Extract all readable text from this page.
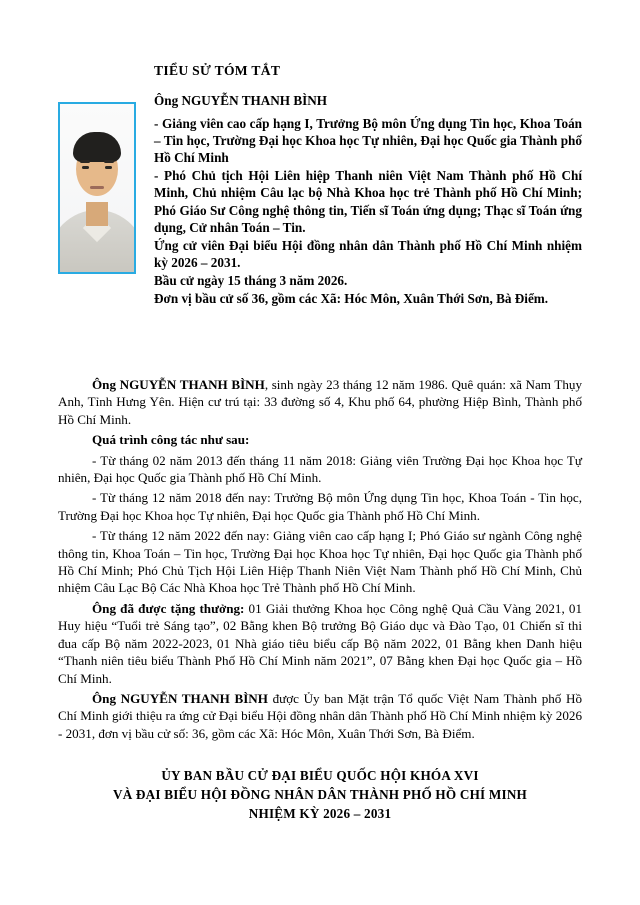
TIỂU SỬ TÓM TẮT
Ông NGUYỄN THANH BÌNH

- Giảng viên cao cấp hạng I, Trưởng Bộ môn Ứng dụng Tin học, Khoa Toán – Tin học, Trường Đại học Khoa học Tự nhiên, Đại học Quốc gia Thành phố Hồ Chí Minh

- Phó Chủ tịch Hội Liên hiệp Thanh niên Việt Nam Thành phố Hồ Chí Minh, Chủ nhiệm Câu lạc bộ Nhà Khoa học trẻ Thành phố Hồ Chí Minh; Phó Giáo Sư Công nghệ thông tin, Tiến sĩ Toán ứng dụng; Thạc sĩ Toán ứng dụng, Cử nhân Toán – Tin.

Ứng cử viên Đại biểu Hội đồng nhân dân Thành phố Hồ Chí Minh nhiệm kỳ 2026 – 2031.

Bầu cử ngày 15 tháng 3 năm 2026.

Đơn vị bầu cử số 36, gồm các Xã: Hóc Môn, Xuân Thới Sơn, Bà Điểm.

Ông NGUYỄN THANH BÌNH, sinh ngày 23 tháng 12 năm 1986. Quê quán: xã Nam Thụy Anh, Tỉnh Hưng Yên. Hiện cư trú tại: 33 đường số 4, Khu phố 64, phường Hiệp Bình, Thành phố Hồ Chí Minh.

Quá trình công tác như sau:

- Từ tháng 02 năm 2013 đến tháng 11 năm 2018: Giảng viên Trường Đại học Khoa học Tự nhiên, Đại học Quốc gia Thành phố Hồ Chí Minh.

- Từ tháng 12 năm 2018 đến nay: Trưởng Bộ môn Ứng dụng Tin học, Khoa Toán - Tin học, Trường Đại học Khoa học Tự nhiên, Đại học Quốc gia Thành phố Hồ Chí Minh.

- Từ tháng 12 năm 2022 đến nay: Giảng viên cao cấp hạng I; Phó Giáo sư ngành Công nghệ thông tin, Khoa Toán – Tin học, Trường Đại học Khoa học Tự nhiên, Đại học Quốc gia Thành phố Hồ Chí Minh; Phó Chủ Tịch Hội Liên Hiệp Thanh Niên Việt Nam Thành phố Hồ Chí Minh, Chủ nhiệm Câu Lạc Bộ Các Nhà Khoa học Trẻ Thành phố Hồ Chí Minh.

Ông đã được tặng thưởng: 01 Giải thưởng Khoa học Công nghệ Quả Cầu Vàng 2021, 01 Huy hiệu “Tuổi trẻ Sáng tạo”, 02 Bằng khen Bộ trưởng Bộ Giáo dục và Đào Tạo, 01 Chiến sĩ thi đua cấp Bộ năm 2022-2023, 01 Nhà giáo tiêu biểu cấp Bộ năm 2022, 01 Bằng khen Danh hiệu “Thanh niên tiêu biểu Thành Phố Hồ Chí Minh năm 2021”, 07 Bằng khen Đại học Quốc gia – Hồ Chí Minh.

Ông NGUYỄN THANH BÌNH được Ủy ban Mặt trận Tổ quốc Việt Nam Thành phố Hồ Chí Minh giới thiệu ra ứng cử Đại biểu Hội đồng nhân dân Thành phố Hồ Chí Minh nhiệm kỳ 2026 - 2031, đơn vị bầu cử số: 36, gồm các Xã: Hóc Môn, Xuân Thới Sơn, Bà Điểm.

ỦY BAN BẦU CỬ ĐẠI BIỂU QUỐC HỘI KHÓA XVI
VÀ ĐẠI BIỂU HỘI ĐỒNG NHÂN DÂN THÀNH PHỐ HỒ CHÍ MINH
NHIỆM KỲ 2026 – 2031
